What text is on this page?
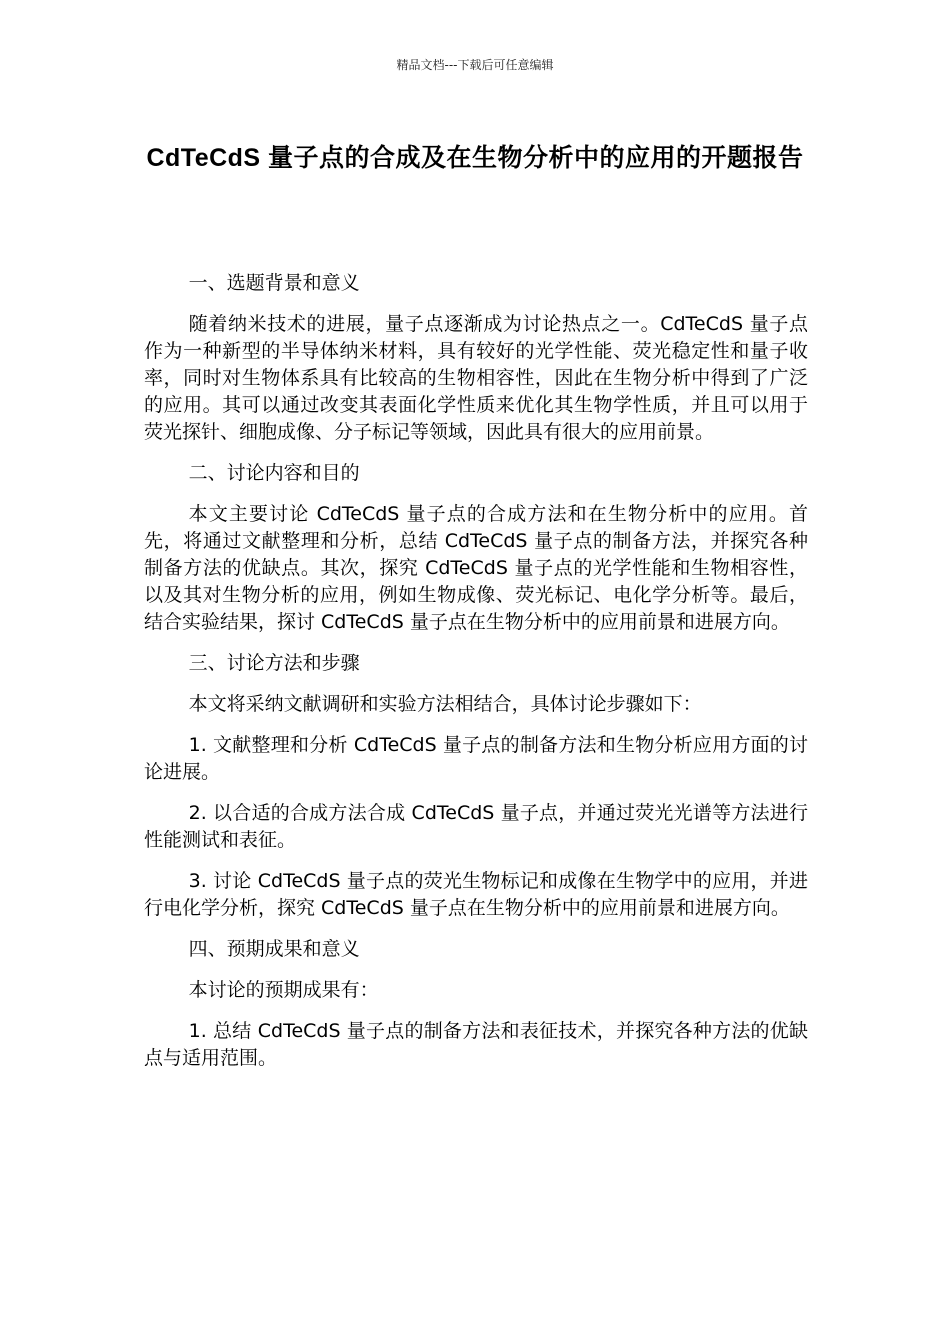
精品文档---下载后可任意编辑
CdTeCdS 量子点的合成及在生物分析中的应用的开题报告

一、选题背景和意义

随着纳米技术的进展，量子点逐渐成为讨论热点之一。CdTeCdS 量子点作为一种新型的半导体纳米材料，具有较好的光学性能、荧光稳定性和量子收率，同时对生物体系具有比较高的生物相容性，因此在生物分析中得到了广泛的应用。其可以通过改变其表面化学性质来优化其生物学性质，并且可以用于荧光探针、细胞成像、分子标记等领域，因此具有很大的应用前景。

二、讨论内容和目的

本文主要讨论 CdTeCdS 量子点的合成方法和在生物分析中的应用。首先，将通过文献整理和分析，总结 CdTeCdS 量子点的制备方法，并探究各种制备方法的优缺点。其次，探究 CdTeCdS 量子点的光学性能和生物相容性，以及其对生物分析的应用，例如生物成像、荧光标记、电化学分析等。最后，结合实验结果，探讨 CdTeCdS 量子点在生物分析中的应用前景和进展方向。

三、讨论方法和步骤

本文将采纳文献调研和实验方法相结合，具体讨论步骤如下：

1. 文献整理和分析 CdTeCdS 量子点的制备方法和生物分析应用方面的讨论进展。

2. 以合适的合成方法合成 CdTeCdS 量子点，并通过荧光光谱等方法进行性能测试和表征。

3. 讨论 CdTeCdS 量子点的荧光生物标记和成像在生物学中的应用，并进行电化学分析，探究 CdTeCdS 量子点在生物分析中的应用前景和进展方向。

四、预期成果和意义

本讨论的预期成果有：

1. 总结 CdTeCdS 量子点的制备方法和表征技术，并探究各种方法的优缺点与适用范围。
